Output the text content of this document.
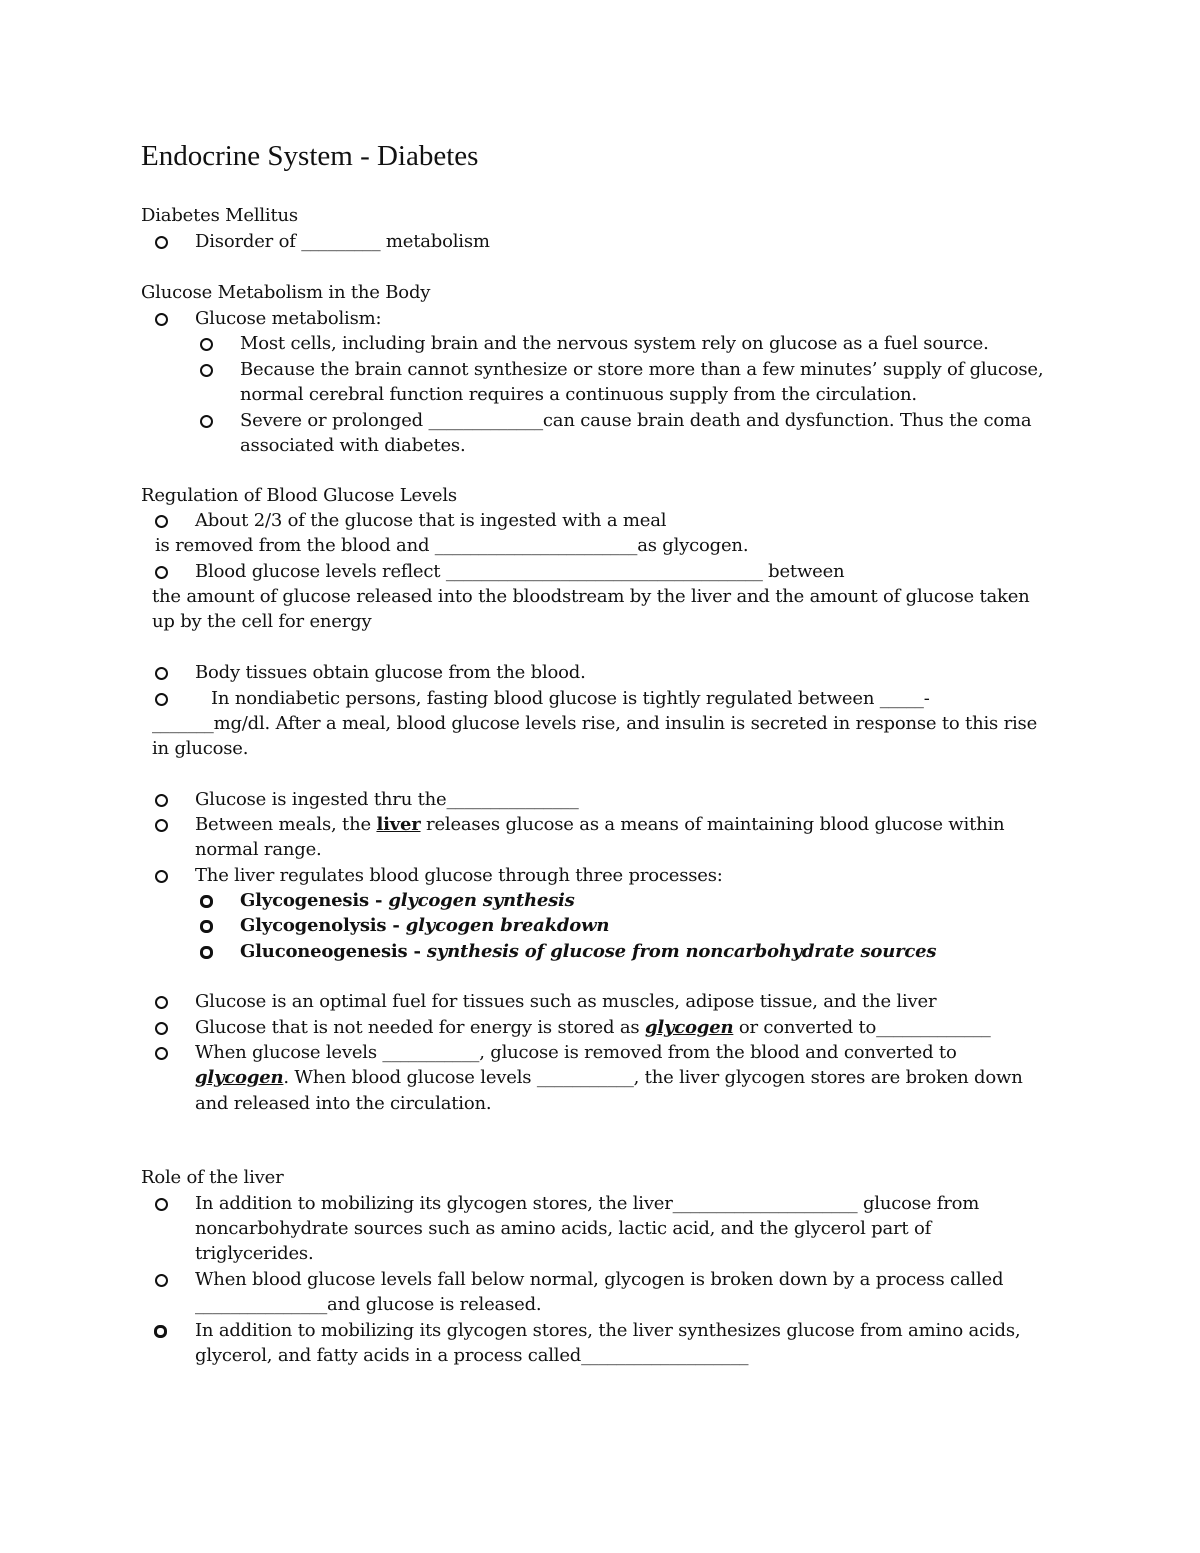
Endocrine System - Diabetes
Diabetes Mellitus
Disorder of _________ metabolism
Glucose Metabolism in the Body
Glucose metabolism:
Most cells, including brain and the nervous system rely on glucose as a fuel source.
Because the brain cannot synthesize or store more than a few minutes’ supply of glucose,
normal cerebral function requires a continuous supply from the circulation.
Severe or prolonged _____________can cause brain death and dysfunction. Thus the coma
associated with diabetes.
Regulation of Blood Glucose Levels
About 2/3 of the glucose that is ingested with a meal
is removed from the blood and _______________________as glycogen.
Blood glucose levels reflect ____________________________________ between
the amount of glucose released into the bloodstream by the liver and the amount of glucose taken
up by the cell for energy
Body tissues obtain glucose from the blood.
In nondiabetic persons, fasting blood glucose is tightly regulated between _____-
_______mg/dl. After a meal, blood glucose levels rise, and insulin is secreted in response to this rise
in glucose.
Glucose is ingested thru the_______________
Between meals, the liver releases glucose as a means of maintaining blood glucose within
normal range.
The liver regulates blood glucose through three processes:
Glycogenesis - glycogen synthesis
Glycogenolysis - glycogen breakdown
Gluconeogenesis - synthesis of glucose from noncarbohydrate sources
Glucose is an optimal fuel for tissues such as muscles, adipose tissue, and the liver
Glucose that is not needed for energy is stored as glycogen or converted to_____________
When glucose levels ___________, glucose is removed from the blood and converted to
glycogen. When blood glucose levels ___________, the liver glycogen stores are broken down
and released into the circulation.
Role of the liver
In addition to mobilizing its glycogen stores, the liver_____________________ glucose from
noncarbohydrate sources such as amino acids, lactic acid, and the glycerol part of
triglycerides.
When blood glucose levels fall below normal, glycogen is broken down by a process called
_______________and glucose is released.
In addition to mobilizing its glycogen stores, the liver synthesizes glucose from amino acids,
glycerol, and fatty acids in a process called___________________
